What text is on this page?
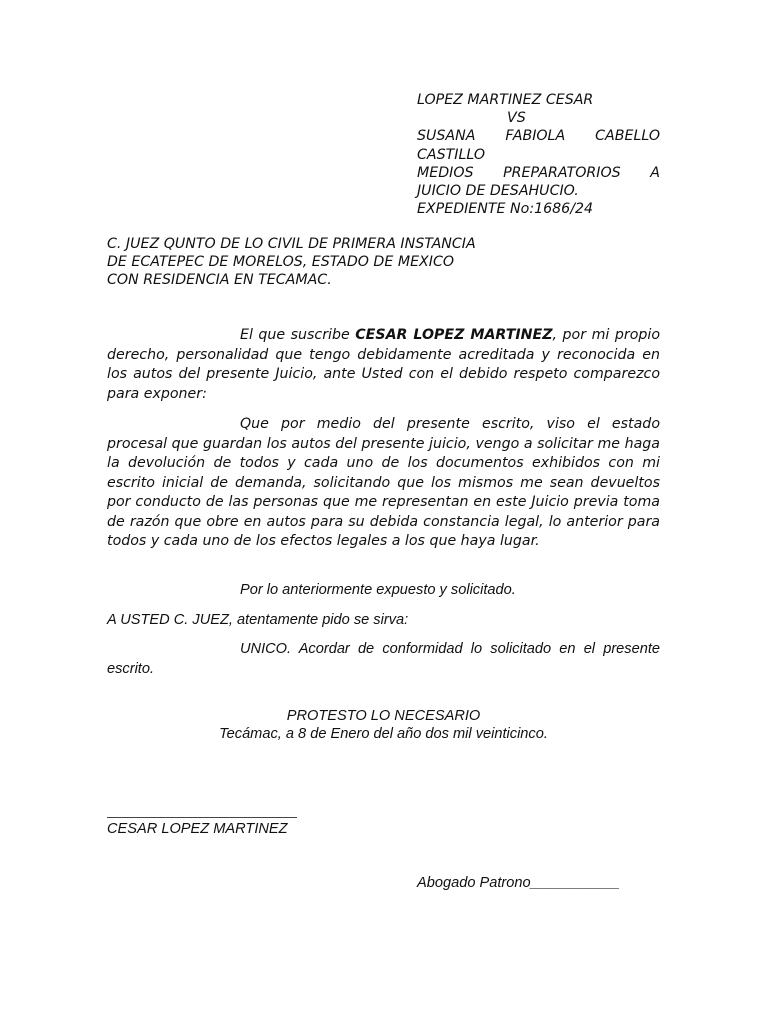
LOPEZ MARTINEZ CESAR
VS
SUSANA FABIOLA CABELLO
CASTILLO
MEDIOS PREPARATORIOS A
JUICIO DE DESAHUCIO.
EXPEDIENTE No:1686/24
C. JUEZ QUNTO DE LO CIVIL DE PRIMERA INSTANCIA
DE ECATEPEC DE MORELOS, ESTADO DE MEXICO
CON RESIDENCIA EN TECAMAC.

El que suscribe CESAR LOPEZ MARTINEZ, por mi propio derecho, personalidad que tengo debidamente acreditada y reconocida en los autos del presente Juicio, ante Usted con el debido respeto comparezco para exponer:

Que por medio del presente escrito, viso el estado procesal que guardan los autos del presente juicio, vengo a solicitar me haga la devolución de todos y cada uno de los documentos exhibidos con mi escrito inicial de demanda, solicitando que los mismos me sean devueltos por conducto de las personas que me representan en este Juicio previa toma de razón que obre en autos para su debida constancia legal, lo anterior para todos y cada uno de los efectos legales a los que haya lugar.

Por lo anteriormente expuesto y solicitado.

A USTED C. JUEZ, atentamente pido se sirva:

UNICO. Acordar de conformidad lo solicitado en el presente escrito.

PROTESTO LO NECESARIO
Tecámac, a 8 de Enero del año dos mil veinticinco.
CESAR LOPEZ MARTINEZ
Abogado Patrono___________
